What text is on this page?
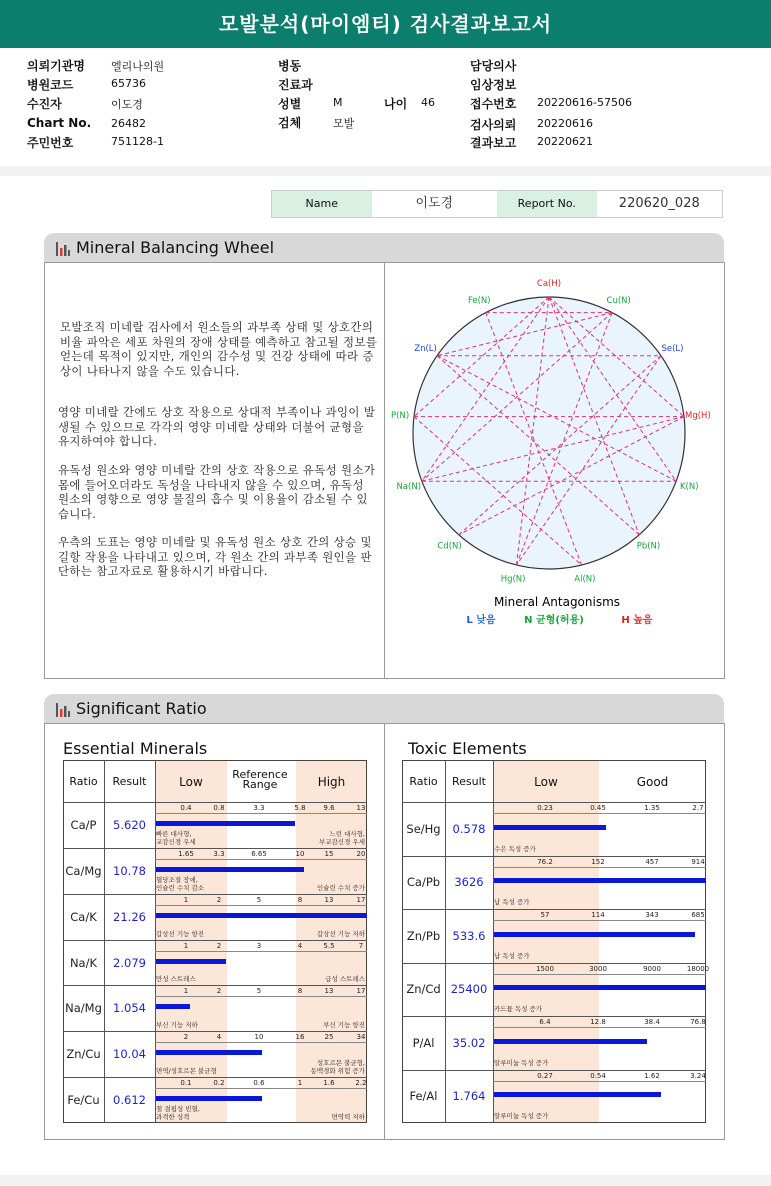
모발분석(마이엠티) 검사결과보고서
의뢰기관명 엘리나의원
병원코드	65736
수진자	이도경
Chart No. 26482
주민번호	751128-1
병동
진료과
성별	M
검체	모발
나이 46
담당의사
임상정보
접수번호 20220616-57506
검사의뢰 20220616
결과보고 20220621
Name	이도경	Report No.	220620_028
Mineral Balancing Wheel
모발조직 미네랄 검사에서 원소들의 과부족 상태 및 상호간의 비율 파악은 세포 차원의 장애 상태를 예측하고 참고될 정보를 얻는데 목적이 있지만, 개인의 감수성 및 건강 상태에 따라 증상이 나타나지 않을 수도 있습니다.
영양 미네랄 간에도 상호 작용으로 상대적 부족이나 과잉이 발생될 수 있으므로 각각의 영양 미네랄 상태와 더불어 균형을 유지하여야 합니다.
유독성 원소와 영양 미네랄 간의 상호 작용으로 유독성 원소가 몸에 들어오더라도 독성을 나타내지 않을 수 있으며, 유독성 원소의 영향으로 영양 물질의 흡수 및 이용율이 감소될 수 있습니다.
우측의 도표는 영양 미네랄 및 유독성 원소 상호 간의 상승 및 길항 작용을 나타내고 있으며, 각 원소 간의 과부족 원인을 판단하는 참고자료로 활용하시기 바랍니다.
Ca(H)
Cu(N)
Se(L)
Mg(H)
K(N)
Pb(N)
Al(N)
Hg(N)
Cd(N)
Na(N)
P(N)
Zn(L)
Fe(N)
Mineral Antagonisms
L 낮음	N 균형(허용)	H 높음
Significant Ratio
Essential Minerals	Toxic Elements
Ratio	Result	Low
Reference Range	High
0.4	0.8	3.3	5.8	9.6	13
Ca/P	5.620
빠른 대사형,
교감신경 우세
느린 대사형,
부교감신경 우세
1.65	3.3	6.65	10	15	20
Ca/Mg 10.78
혈당조절 장애,
인슐린 수치 감소	인슐린 수치 증가
1	2	5	8	13	17
Ca/K	21.26
갑상선 기능 항진	갑상선 기능 저하
1	2	3	4	5.5	7
Na/K	2.079
만성 스트레스	급성 스트레스
1	2	5	8	13	17
Na/Mg 1.054
부신 기능 저하	부신 기능 항진
2	4	10	16	25	34
Zn/Cu	10.04
면역/성호르몬 불균형
성호르몬 불균형,
동맥경화 위험 증가
0.1	0.2	0.6	1	1.6	2.2
Fe/Cu	0.612
철 결핍성 빈혈,
과격한 성격	면역력 저하
Ratio	Result	Low	Good
0.23	0.45	1.35	2.7
Se/Hg	0.578
수은 독성 증가
76.2	152	457	914
Ca/Pb	3626
납 독성 증가
57	114	343	685
Zn/Pb	533.6
납 독성 증가
1500	3000	9000	18000
Zn/Cd 25400
카드뮴 독성 증가
6.4	12.8	38.4	76.8
P/Al	35.02
알루미늄 독성 증가
0.27	0.54	1.62	3.24
Fe/Al	1.764
알루미늄 독성 증가
